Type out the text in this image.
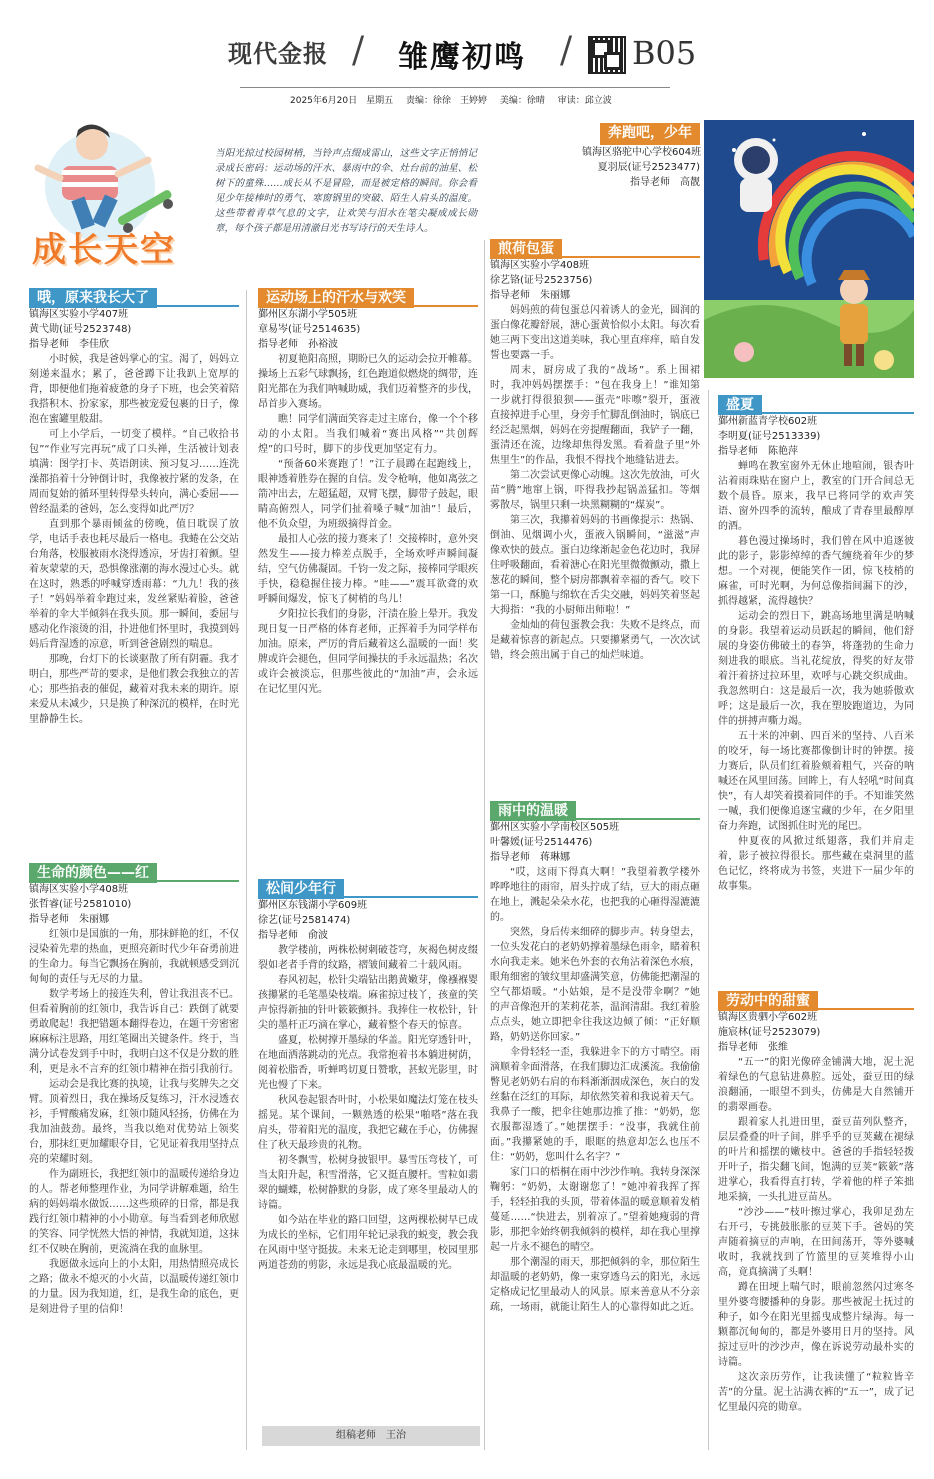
现代金报 / 雏鹰初鸣 / B05
2025年6月20日　星期五 责编：徐徐　王婷婷 美编：徐晴 审读：邱立波
成长天空
当阳光掠过校园树梢，当铃声点缀成雷山，这些文字正悄悄记录成长密码：运动场的汗水、暴雨中的伞、灶台前的油星、松树下的童殊……成长从不是冒险，而是被定格的瞬间。你会看见少年接棒时的勇气、寒窗钢里的突破、陌生人肩头的温度。这些带着青草气息的文字，让欢笑与泪水在笔尖凝成成长勋章，每个孩子都是用清澈目光书写诗行的天生诗人。
哦，原来我长大了
镇海区实验小学407班
黄弋勋(证号2523748)
指导老师　李佳欣

小时候，我是爸妈掌心的宝。渴了，妈妈立刻递来温水；累了，爸爸蹲下让我趴上宽厚的背，即便他们拖着疲惫的身子下班，也会笑着陪我搭积木、扮家家，那些被宠爱包裹的日子，像泡在蜜罐里般甜。

可上小学后，一切变了模样。“自己收拾书包”“作业写完再玩”成了口头禅，生活被计划表填满：图学打卡、英语朗读、预习复习……连洗澡都掐着十分钟倒计时，我像被拧紧的发条，在周而复始的循环里转得晕头转向，满心委屈——曾经温柔的爸妈，怎么变得如此严厉？

直到那个暴雨倾盆的傍晚，值日耽误了放学，电话手表也耗尽最后一格电。我蜷在公交站台角落，校服被雨水浇得透凉，牙齿打着颤。望着灰蒙蒙的天，恐惧像涨潮的海水漫过心头。就在这时，熟悉的呼喊穿透雨幕：“九九！我的孩子！”妈妈举着伞跑过来，发丝紧贴着脸，爸爸举着的伞大半倾斜在我头顶。那一瞬间，委屈与感动化作滚烫的泪，扑进他们怀里时，我摸到妈妈后背湿透的凉意，听到爸爸剧烈的喘息。

那晚，台灯下的长谈驱散了所有阴霾。我才明白，那些严苛的要求，是他们教会我独立的苦心；那些掐表的催促，藏着对我未来的期许。原来爱从未减少，只是换了种深沉的模样，在时光里静静生长。

生命的颜色——红
镇海区实验小学408班
张哲睿(证号2581010)
指导老师　朱丽娜

红领巾是国旗的一角，那抹鲜艳的红，不仅浸染着先辈的热血，更照亮新时代少年奋勇前进的生命力。每当它飘扬在胸前，我就顿感受到沉甸甸的责任与无尽的力量。

数学考场上的接连失利，曾让我沮丧不已。但看着胸前的红领巾，我告诉自己：跌倒了就要勇敢爬起！我把错题本翻得卷边，在题干旁密密麻麻标注思路，用红笔圈出关键条件。终于，当满分试卷发到手中时，我明白这不仅是分数的胜利，更是永不言弃的红领巾精神在指引我前行。

运动会是我比赛的执境，让我与奖牌失之交臂。顶着烈日，我在操场反复练习，汗水浸透衣衫，手臂酸痛发麻，红领巾随风轻扬，仿佛在为我加油鼓劲。最终，当我以绝对优势站上领奖台，那抹红更加耀眼夺目，它见证着我用坚持点亮的荣耀时刻。

作为副班长，我把红领巾的温暖传递给身边的人。帮老师整理作业，为同学讲解难题，给生病的妈妈端水做饭……这些琐碎的日常，都是我践行红领巾精神的小小勋章。每当看到老师欣慰的笑容、同学恍然大悟的神情，我就知道，这抹红不仅映在胸前，更流淌在我的血脉里。

我愿做永远向上的小太阳，用热情照亮成长之路；做永不熄灭的小火苗，以温暖传递红领巾的力量。因为我知道，红，是我生命的底色，更是刻进骨子里的信仰！

运动场上的汗水与欢笑
鄞州区东湖小学505班
章易岑(证号2514635)
指导老师　孙裕波

初夏艳阳高照，期盼已久的运动会拉开帷幕。操场上五彩气球飘扬，红色跑道似燃烧的绸带，连阳光都在为我们呐喊助威，我们迈着整齐的步伐，昂首步入赛场。

瞧！同学们满面笑容走过主席台，像一个个移动的小太阳。当我们喊着“赛出风格”“共创辉煌”的口号时，脚下的步伐更加坚定有力。

“预备60米赛跑了！”江子晨蹲在起跑线上，眼神透着胜券在握的自信。发令枪响，他如离弦之箭冲出去，左超猛超，双臂飞摆，脚带子鼓起，眼睛高俯烈人，同学们扯着嗓子喊“加油”！最后，他不负众望，为班级摘得首金。

最扣人心弦的接力赛来了！交接棒时，意外突然发生——接力棒差点脱手，全场欢呼声瞬间凝结，空气仿佛凝固。千钧一发之际，接棒同学眼疾手快，稳稳握住接力棒。“哇——”震耳欲聋的欢呼瞬间爆发，惊飞了树梢的鸟儿！

夕阳拉长我们的身影，汗渍在脸上晕开。我发现日复一日严格的体育老师，正挥着手为同学样布加油。原来，严厉的背后藏着这么温暖的一面！奖牌或许会褪色，但同学间操扶的手永远温热；名次或许会被淡忘，但那些彼此的“加油”声，会永远在记忆里闪光。

松间少年行
鄞州区东钱湖小学609班
徐艺(证号2581474)
指导老师　俞波

教学楼前，两株松树刺破苍穹，灰褐色树皮缀裂如老者手背的纹路，褶皱间藏着二十载风雨。

春风初起，松针尖端钻出鹅黄嫩芽，像襁褓婴孩攥紧的毛笔墨染枝端。麻雀掠过枝丫，孩童的笑声惊得新抽的针叶簌簌颤抖。我捧住一枚松针，针尖的墨杆正巧滴在掌心，藏着整个春天的惊喜。

盛夏，松树撑开墨绿的华盖。阳光穿透针叶，在地面洒落跳动的光点。我常抱着书本躺进树荫，阅着松脂香，听蝉鸣切夏日赞歌，甚蚁光影里，时光也慢了下来。

秋风卷起银杏叶时，小松果如魔法灯笼在枝头摇晃。某个课间，一颗熟透的松果“啪嗒”落在我肩头，带着阳光的温度，我把它藏在手心，仿佛握住了秋天最珍贵的礼物。

初冬飘雪，松树身披银甲。暴雪压弯枝丫，可当太阳升起，积雪滑落，它又挺直腰杆。雪粒如翡翠的蝴蝶，松树静默的身影，成了寒冬里最动人的诗篇。

如今站在毕业的路口回望，这两棵松树早已成为成长的坐标，它们用年轮记录我的蜕变，教会我在风雨中坚守挺拔。未来无论走到哪里，校园里那两道苍劲的剪影，永远是我心底最温暖的光。

组稿老师　王治
煎荷包蛋
镇海区实验小学408班
徐艺铬(证号2523756)
指导老师　朱丽娜

妈妈煎的荷包蛋总闪着诱人的金光，圆润的蛋白像花瓣舒展，溏心蛋黄恰似小太阳。每次看她三两下变出这道美味，我心里直痒痒，暗自发誓也要露一手。

周末，厨房成了我的“战场”。系上围裙时，我冲妈妈摆摆手：“包在我身上！”谁知第一步就打得很狼狈——蛋壳“咔嚓”裂开，蛋液直接掉进手心里，身旁手忙脚乱倒油时，锅底已经泛起黑烟，妈妈在旁提醒翻面，我铲子一翻，蛋清还在流，边缘却焦得发黑。看着盘子里“外焦里生”的作品，我恨不得找个地缝钻进去。

第二次尝试更像心动魄。这次先放油，可火苗“腾”地窜上锅，吓得我抄起锅盖猛扣。等烟雾散尽，锅里只剩一块黑糊糊的“煤炭”。

第三次，我攥着妈妈的书画像提示：热锅、倒油、见烟调小火，蛋液入锅瞬间，“滋滋”声像欢快的鼓点。蛋白边缘渐起金色花边时，我屏住呼吸翻面，看着溏心在阳光里微微颤动，撒上葱花的瞬间，整个厨房都飘着幸福的香气。咬下第一口，酥脆与绵软在舌尖交融，妈妈笑着竖起大拇指：“我的小厨师出师啦！”

金灿灿的荷包蛋教会我：失败不是终点，而是藏着惊喜的新起点。只要攥紧勇气，一次次试错，终会煎出属于自己的灿烂味道。

雨中的温暖
鄞州区实验小学南校区505班
叶馨媛(证号2514476)
指导老师　蒋琳娜

“哎，这雨下得真大啊！”我望着教学楼外哗哗地往的雨帘，眉头拧成了结，豆大的雨点砸在地上，溅起朵朵水花，也把我的心砸得湿漉漉的。

突然，身后传来细碎的脚步声。转身望去，一位头发花白的老奶奶撑着墨绿色雨伞，睹着积水向我走来。她米色外套的衣角沾着深色水痕，眼角细密的皱纹里却盛满笑意，仿佛能把潮湿的空气都焐暖。“小姑娘，是不是没带伞啊？”她的声音像泡开的茉莉花茶，温润清甜。我红着脸点点头，她立即把伞往我这边倾了倾：“正好顺路，奶奶送你回家。”

伞骨轻轻一歪，我躲进伞下的方寸晴空。雨滴顺着伞面滑落，在我们脚边汇成溪流。我偷偷瞥见老奶奶右肩的布料渐渐洇成深色，灰白的发丝黏在泛红的耳际，却依然笑着和我说着天气。我鼻子一酸，把伞往她那边推了推：“奶奶，您衣服都湿透了。”她摆摆手：“没事，我就住前面。”我攥紧她的手，眼眶的热意却怎么也压不住：“奶奶，您叫什么名字？”

家门口的梧桐在雨中沙沙作响。我转身深深鞠躬：“奶奶，太谢谢您了！”她冲着我挥了挥手，轻轻拍我的头顶，带着体温的暖意顺着发梢蔓延……“快进去，别着凉了。”望着她瘦弱的背影，那把伞始终朝我倾斜的模样，却在我心里撑起一片永不褪色的晴空。

那个潮湿的雨天，那把倾斜的伞，那位陌生却温暖的老奶奶，像一束穿透乌云的阳光，永远定格成记忆里最动人的风景。原来善意从不分亲疏，一场雨，就能让陌生人的心靠得如此之近。

奔跑吧，少年
镇海区骆驼中心学校604班
夏羽辰(证号2523477)
指导老师　高靓
盛夏
鄞州新蓝青学校602班
李明夏(证号2513339)
指导老师　陈艳萍

蝉鸣在教室窗外无休止地喧闹，银杏叶沾着雨珠贴在窗户上，教室的门开合间总无数个晨昏。原来，我早已将同学的欢声笑语、窗外四季的流转，酿成了青春里最醇厚的酒。

暮色漫过操场时，我们曾在风中追逐彼此的影子，影影绰绰的香气缠绕着年少的梦想。一个对视，便能笑作一团，惊飞枝梢的麻雀，可时光啊，为何总像指间漏下的沙，抓得越紧，流得越快？

运动会的烈日下，跳高场地里满是呐喊的身影。我望着运动员跃起的瞬间，他们舒展的身姿仿佛破土的春笋，将蓬勃的生命力刻进我的眼底。当礼花绽放，得奖的好友带着汗着挤过拉环里，欢呼与心跳交织成曲。我忽然明白：这是最后一次，我为她骄傲欢呼；这是最后一次，我在塑胶跑道边，为同伴的拼搏声嘶力竭。

五十米的冲刺、四百米的坚持、八百米的咬牙，每一场比赛都像倒计时的钟摆。接力赛后，队员们红着脸颊着粗气，兴奋的呐喊还在风里回荡。回眸上，有人轻吼“时间真快”，有人却笑着摸着同伴的手。不知谁笑然一喊，我们便像追逐宝藏的少年，在夕阳里奋力奔跑，试图抓住时光的尾巴。

仲夏夜的风掀过纸翅落，我们并肩走着，影子被拉得很长。那些藏在桌洞里的蓝色记忆，终将成为书签，夹进下一届少年的故事集。

劳动中的甜蜜
镇海区贵驷小学602班
施宸林(证号2523079)
指导老师　张维

“五一”的阳光像碎金铺满大地，泥土泥着绿色的气息钻进鼻腔。远处，蚕豆田的绿浪翻涌，一眼望不到头，仿佛是大自然铺开的翡翠画卷。

跟着家人扎进田里，蚕豆苗列队整齐，层层叠叠的叶子间，胖乎乎的豆荚藏在褪绿的叶片和摇摆的嫩枝中。爸爸的手指轻轻拨开叶子，指尖翻飞间，饱满的豆荚“簌簌”落进掌心，我看得直打转，学着他的样子笨拙地采摘，一头扎进豆苗丛。

“沙沙——”枝叶擦过掌心，我卯足劲左右开弓，专挑鼓胀胀的豆荚下手。爸妈的笑声随着摘豆的声响，在田间荡开，等外婆喊收时，我就找到了竹篮里的豆荚堆得小山高，竟真摘满了头啊！

蹲在田埂上喘气时，眼前忽然闪过寒冬里外婆弯腰播种的身影。那些被泥土抚过的种子，如今在阳光里摇曳成整片绿海。每一颗都沉甸甸的，都是外婆用日月的坚持。风掠过豆叶的沙沙声，像在诉说劳动最朴实的诗篇。

这次亲历劳作，让我读懂了“粒粒皆辛苦”的分量。泥土沾满衣裤的“五一”，成了记忆里最闪亮的勋章。
